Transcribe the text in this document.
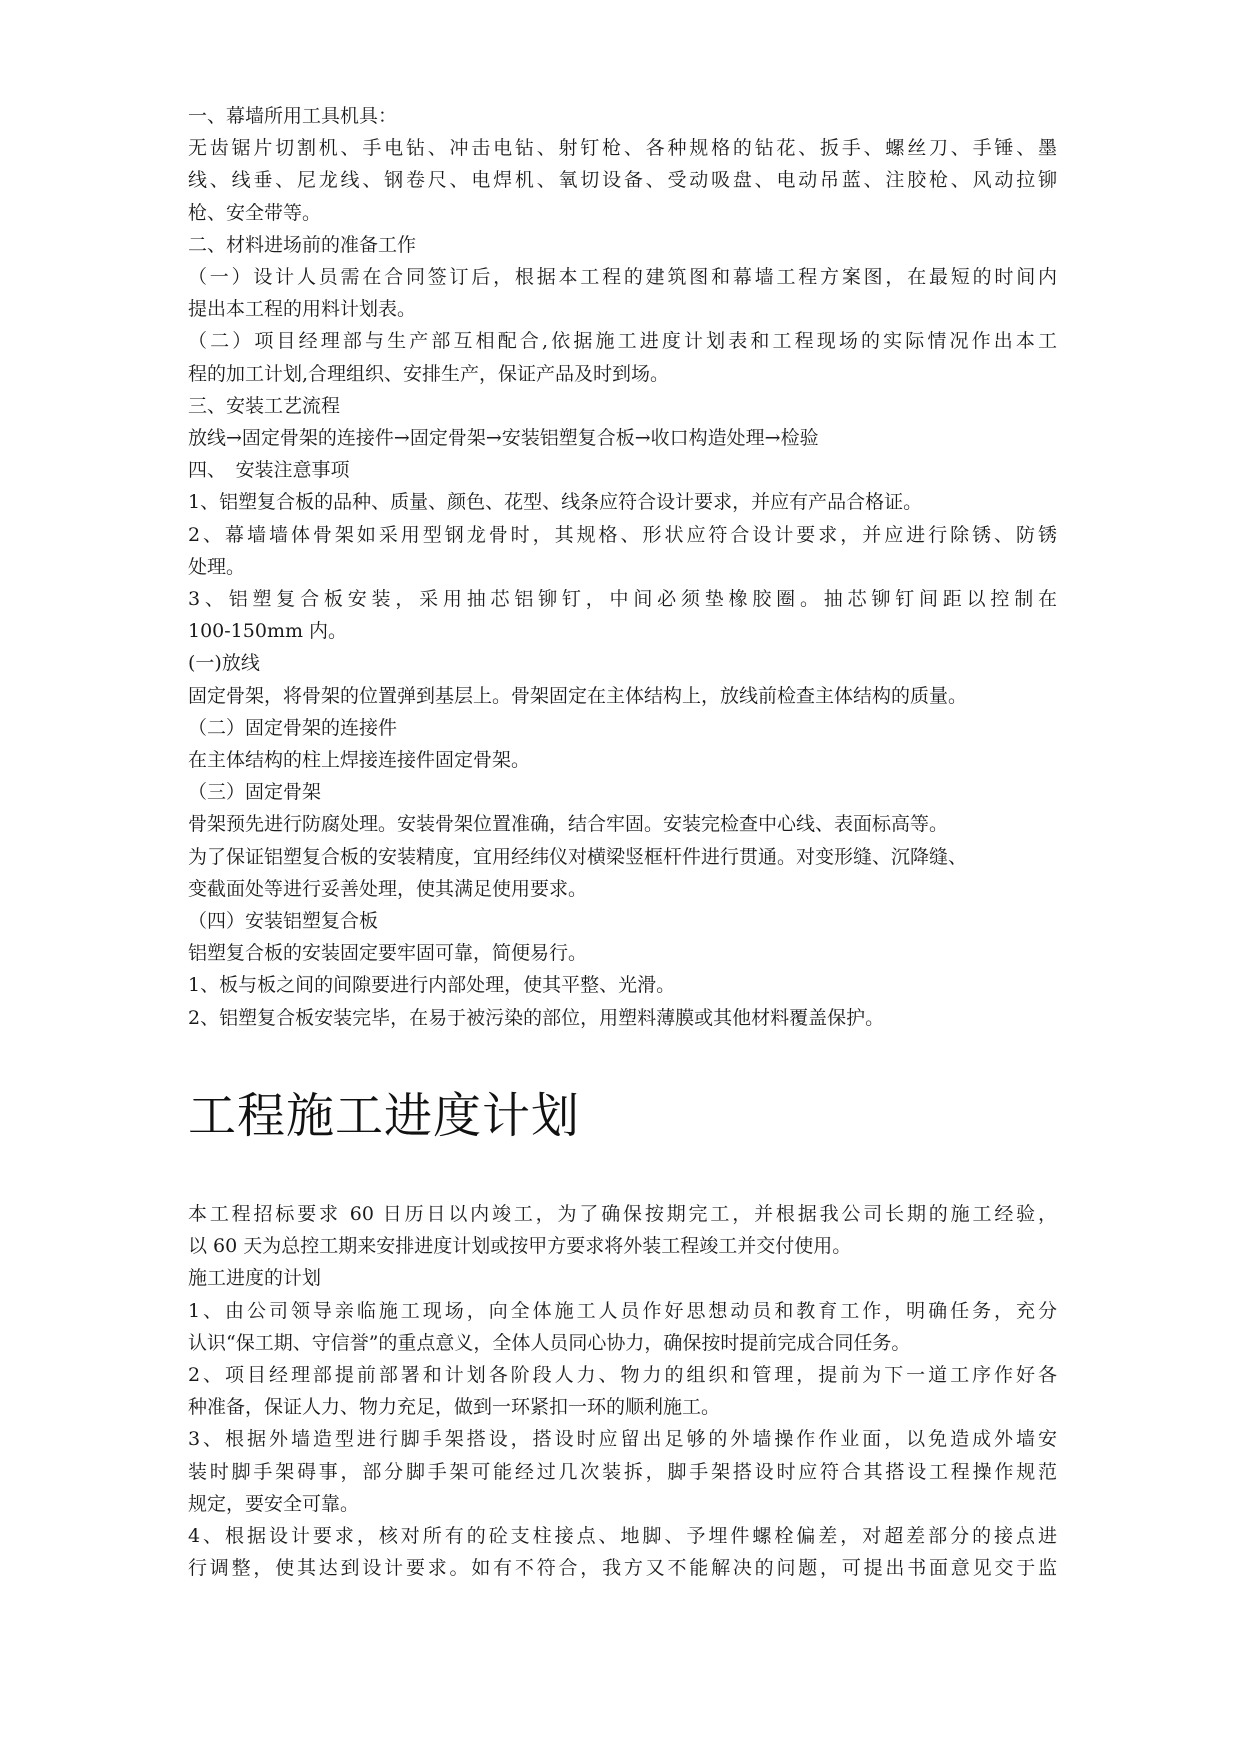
一、幕墙所用工具机具：
无齿锯片切割机、手电钻、冲击电钻、射钉枪、各种规格的钻花、扳手、螺丝刀、手锤、墨
线、线垂、尼龙线、钢卷尺、电焊机、氧切设备、受动吸盘、电动吊蓝、注胶枪、风动拉铆
枪、安全带等。
二、材料进场前的准备工作
（一）设计人员需在合同签订后，根据本工程的建筑图和幕墙工程方案图，在最短的时间内
提出本工程的用料计划表。
（二）项目经理部与生产部互相配合,依据施工进度计划表和工程现场的实际情况作出本工
程的加工计划,合理组织、安排生产，保证产品及时到场。
三、安装工艺流程
放线→固定骨架的连接件→固定骨架→安装铝塑复合板→收口构造处理→检验
四、　安装注意事项
1、铝塑复合板的品种、质量、颜色、花型、线条应符合设计要求，并应有产品合格证。
2、幕墙墙体骨架如采用型钢龙骨时，其规格、形状应符合设计要求，并应进行除锈、防锈
处理。
3、铝塑复合板安装，采用抽芯铝铆钉，中间必须垫橡胶圈。抽芯铆钉间距以控制在
100-150mm 内。
(一)放线
固定骨架，将骨架的位置弹到基层上。骨架固定在主体结构上，放线前检查主体结构的质量。
（二）固定骨架的连接件
在主体结构的柱上焊接连接件固定骨架。
（三）固定骨架
骨架预先进行防腐处理。安装骨架位置准确，结合牢固。安装完检查中心线、表面标高等。
为了保证铝塑复合板的安装精度，宜用经纬仪对横梁竖框杆件进行贯通。对变形缝、沉降缝、
变截面处等进行妥善处理，使其满足使用要求。
（四）安装铝塑复合板
铝塑复合板的安装固定要牢固可靠，简便易行。
1、板与板之间的间隙要进行内部处理，使其平整、光滑。
2、铝塑复合板安装完毕，在易于被污染的部位，用塑料薄膜或其他材料覆盖保护。
工程施工进度计划
本工程招标要求 60 日历日以内竣工，为了确保按期完工，并根据我公司长期的施工经验，
以 60 天为总控工期来安排进度计划或按甲方要求将外装工程竣工并交付使用。
施工进度的计划
1、由公司领导亲临施工现场，向全体施工人员作好思想动员和教育工作，明确任务，充分
认识“保工期、守信誉”的重点意义，全体人员同心协力，确保按时提前完成合同任务。
2、项目经理部提前部署和计划各阶段人力、物力的组织和管理，提前为下一道工序作好各
种准备，保证人力、物力充足，做到一环紧扣一环的顺利施工。
3、根据外墙造型进行脚手架搭设，搭设时应留出足够的外墙操作作业面，以免造成外墙安
装时脚手架碍事，部分脚手架可能经过几次装拆，脚手架搭设时应符合其搭设工程操作规范
规定，要安全可靠。
4、根据设计要求，核对所有的砼支柱接点、地脚、予埋件螺栓偏差，对超差部分的接点进
行调整，使其达到设计要求。如有不符合，我方又不能解决的问题，可提出书面意见交于监
